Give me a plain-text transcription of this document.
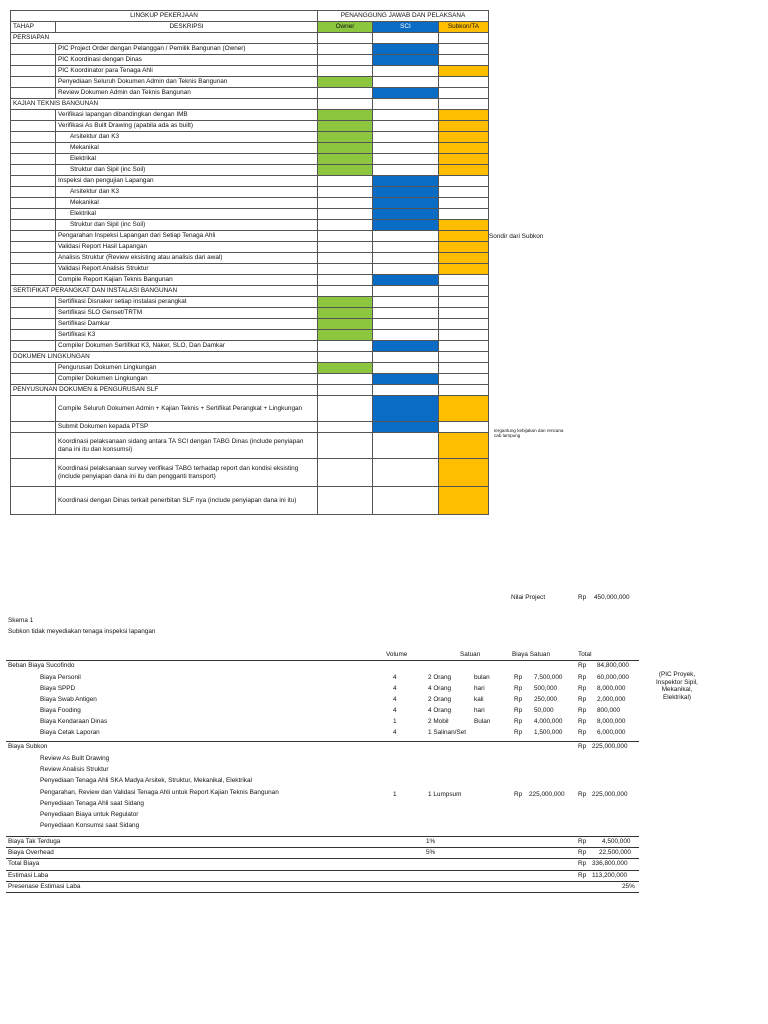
LINGKUP PEKERJAAN		PENANGGUNG JAWAB DAN PELAKSANA		
TAHAP	DESKRIPSI	Owner	SCI	Subkon/TA
PERSIAPAN				
	PIC Project Order dengan Pelanggan / Pemilik Bangunan (Owner)			
	PIC Koordinasi dengan Dinas			
	PIC Koordinator para Tenaga Ahli			
	Penyediaan Seluruh Dokumen Admin dan Teknis Bangunan			
	Review Dokumen Admin dan Teknis Bangunan			
KAJIAN TEKNIS BANGUNAN				
	Verifikasi lapangan dibandingkan dengan IMB			
	Verifikasi As Built Drawing (apabila ada as built)			
	Arsitektur dan K3			
	Mekanikal			
	Elektrikal			
	Struktur dan Sipil (inc Soil)			
	Inspeksi dan pengujian Lapangan			
	Arsitektur dan K3			
	Mekanikal			
	Elektrikal			
	Struktur dan Sipil (inc Soil)			
	Pengarahan Inspeksi Lapangan dari Setiap Tenaga Ahli			
	Validasi Report Hasil Lapangan			
	Analisis Struktur (Review eksisting atau analisis dari awal)			
	Validasi Report Analisis Struktur			
	Compile Report Kajian Teknis Bangunan			
SERTIFIKAT PERANGKAT DAN INSTALASI BANGUNAN				
	Sertifikasi Disnaker setiap instalasi perangkat			
	Sertifikasi SLO Genset/TRTM			
	Sertifikasi Damkar			
	Sertifikasi K3			
	Compiler Dokumen Sertifikat K3, Naker, SLO, Dan Damkar			
DOKUMEN LINGKUNGAN				
	Pengurusan Dokumen Lingkungan			
	Compiler Dokumen Lingkungan			
PENYUSUNAN DOKUMEN & PENGURUSAN SLF				
	Compile Seluruh Dokumen Admin + Kajian Teknis + Sertifikat Perangkat + Lingkungan			
	Submit Dokumen kepada PTSP			
	Koordinasi pelaksanaan sidang antara TA SCI dengan TABG Dinas (include penyiapan dana ini itu dan konsumsi)			
	Koordinasi pelaksanaan survey verifikasi TABG terhadap report dan kondisi eksisting (include penyiapan dana ini itu dan pengganti transport)			
	Koordinasi dengan Dinas terkait penerbitan SLF nya (include penyiapan dana ini itu)			
Sondir dari Subkon
tergantung kebijakan dan rencana cab lampung
Nilai Project	Rp 450,000,000
Skema 1
Subkon tidak meyediakan tenaga inspeksi lapangan
Volume	Satuan	Biaya Satuan	Total
Beban Biaya Sucofindo	Rp 84,800,000
(PIC Proyek, Inspektor Sipil, Mekanikal, Elektrikal)
Biaya Personil	4	2 Orang	bulan	Rp 7,500,000 Rp 60,000,000
Biaya SPPD	4	4 Orang	hari	Rp 500,000	Rp 8,000,000
Biaya Swab Antigen	4	2 Orang	kali	Rp 250,000	Rp 2,000,000
Biaya Fooding	4	4 Orang	hari	Rp 50,000	Rp 800,000
Biaya Kendaraan Dinas	1	2 Mobil	Bulan	Rp 4,000,000 Rp 8,000,000
Biaya Cetak Laporan	4	1 Salinan/Set	Rp 1,500,000 Rp 6,000,000
Biaya Subkon	Rp 225,000,000
Review As Built Drawing
Review Analisis Struktur
Penyediaan Tenaga Ahli SKA Madya Arsitek, Struktur, Mekanikal, Elektrikal
Pengarahan, Review dan Validasi Tenaga Ahli untuk Report Kajian Teknis Bangunan
Penyediaan Tenaga Ahli saat Sidang
Penyediaan Biaya untuk Regulator
Penyediaan Konsumsi saat Sidang
1	1 Lumpsum	Rp 225,000,000 Rp 225,000,000
Biaya Tak Terduga	1%	Rp 4,500,000
Biaya Overhead	5%	Rp 22,500,000
Total Biaya	Rp 336,800,000
Estimasi Laba	Rp 113,200,000
Presenase Estimasi Laba	25%
